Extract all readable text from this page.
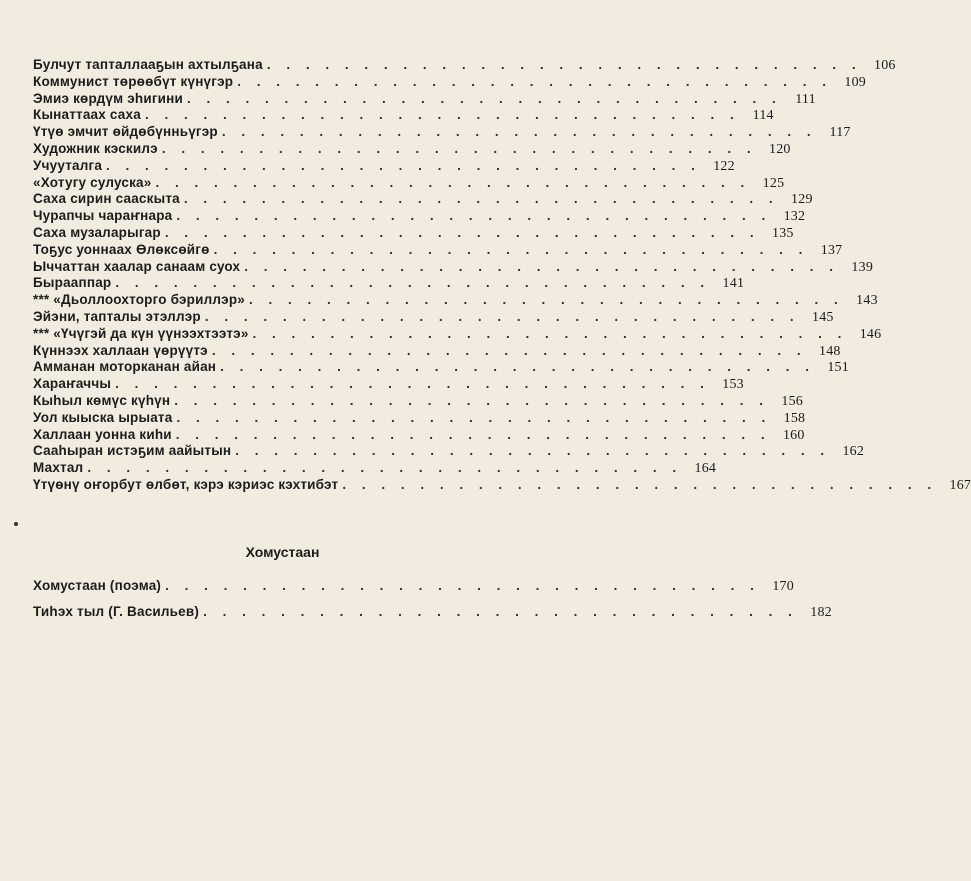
Булчут тапталлааҕын ахтылҕана . . . . . . . . . . . . . . . . . . . . . . . . . . . . . . . 106
Коммунист төрөөбүт күнүгэр . . . . . . . . . . . . . . . . . . . . . . . . . . . . . . . 109
Эмиэ көрдүм эһигини . . . . . . . . . . . . . . . . . . . . . . . . . . . . . . . 111
Кынаттаах саха . . . . . . . . . . . . . . . . . . . . . . . . . . . . . . . 114
Үтүө эмчит өйдөбүнньүгэр . . . . . . . . . . . . . . . . . . . . . . . . . . . . . . . 117
Художник кэскилэ . . . . . . . . . . . . . . . . . . . . . . . . . . . . . . . 120
Учууталга . . . . . . . . . . . . . . . . . . . . . . . . . . . . . . . 122
«Хотугу сулуска» . . . . . . . . . . . . . . . . . . . . . . . . . . . . . . . 125
Саха сирин сааскыта . . . . . . . . . . . . . . . . . . . . . . . . . . . . . . . 129
Чурапчы чараҥнара . . . . . . . . . . . . . . . . . . . . . . . . . . . . . . . 132
Саха музаларыгар . . . . . . . . . . . . . . . . . . . . . . . . . . . . . . . 135
Тоҕус уоннаах Өлөксөйгө . . . . . . . . . . . . . . . . . . . . . . . . . . . . . . . 137
Ыччаттан хаалар санаам суох . . . . . . . . . . . . . . . . . . . . . . . . . . . . . . . 139
Бырааппар . . . . . . . . . . . . . . . . . . . . . . . . . . . . . . . 141
*** «Дьоллоохторго бэриллэр» . . . . . . . . . . . . . . . . . . . . . . . . . . . . . . . 143
Эйэни, тапталы этэллэр . . . . . . . . . . . . . . . . . . . . . . . . . . . . . . . 145
*** «Үчүгэй да күн үүнээхтээтэ» . . . . . . . . . . . . . . . . . . . . . . . . . . . . . . . 146
Күннээх халлаан үөрүүтэ . . . . . . . . . . . . . . . . . . . . . . . . . . . . . . . 148
Амманан моторканан айан . . . . . . . . . . . . . . . . . . . . . . . . . . . . . . . 151
Хараҥаччы . . . . . . . . . . . . . . . . . . . . . . . . . . . . . . . 153
Кыһыл көмүс күһүн . . . . . . . . . . . . . . . . . . . . . . . . . . . . . . . 156
Уол кыыска ырыата . . . . . . . . . . . . . . . . . . . . . . . . . . . . . . . 158
Халлаан уонна киһи . . . . . . . . . . . . . . . . . . . . . . . . . . . . . . . 160
Сааһыран истэҕим аайытын . . . . . . . . . . . . . . . . . . . . . . . . . . . . . . . 162
Махтал . . . . . . . . . . . . . . . . . . . . . . . . . . . . . . . 164
Үтүөнү оҥорбут өлбөт, кэрэ кэриэс кэхтибэт . . . . . . . . . . . . . . . . . . . . . . . . . . . . . . . 167
Хомустаан
Хомустаан (поэма) . . . . . . . . . . . . . . . . . . . . . . . . . . . . . . . 170
Тиһэх тыл (Г. Васильев) . . . . . . . . . . . . . . . . . . . . . . . . . . . . . . . 182
